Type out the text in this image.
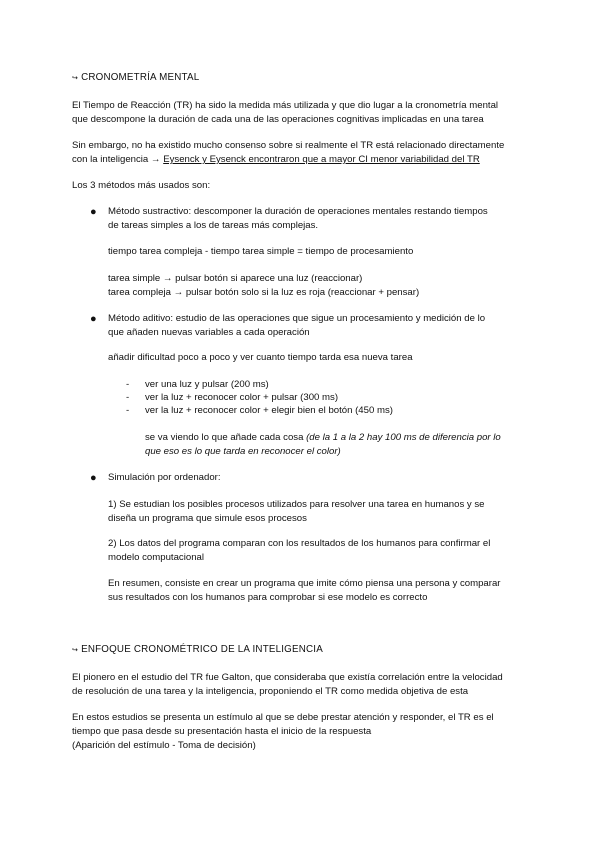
↪ CRONOMETRÍA MENTAL
El Tiempo de Reacción (TR) ha sido la medida más utilizada y que dio lugar a la cronometría mental
que descompone la duración de cada una de las operaciones cognitivas implicadas en una tarea
Sin embargo, no ha existido mucho consenso sobre si realmente el TR está relacionado directamente
con la inteligencia → Eysenck y Eysenck encontraron que a mayor CI menor variabilidad del TR
Los 3 métodos más usados son:
● Método sustractivo: descomponer la duración de operaciones mentales restando tiempos
de tareas simples a los de tareas más complejas.
tiempo tarea compleja - tiempo tarea simple = tiempo de procesamiento
tarea simple → pulsar botón si aparece una luz (reaccionar)
tarea compleja → pulsar botón solo si la luz es roja (reaccionar + pensar)
● Método aditivo: estudio de las operaciones que sigue un procesamiento y medición de lo
que añaden nuevas variables a cada operación
añadir dificultad poco a poco y ver cuanto tiempo tarda esa nueva tarea
- ver una luz y pulsar (200 ms)
- ver la luz + reconocer color + pulsar (300 ms)
- ver la luz + reconocer color + elegir bien el botón (450 ms)
se va viendo lo que añade cada cosa (de la 1 a la 2 hay 100 ms de diferencia por lo
que eso es lo que tarda en reconocer el color)
● Simulación por ordenador:
1) Se estudian los posibles procesos utilizados para resolver una tarea en humanos y se
diseña un programa que simule esos procesos
2) Los datos del programa comparan con los resultados de los humanos para confirmar el
modelo computacional
En resumen, consiste en crear un programa que imite cómo piensa una persona y comparar
sus resultados con los humanos para comprobar si ese modelo es correcto
↪ ENFOQUE CRONOMÉTRICO DE LA INTELIGENCIA
El pionero en el estudio del TR fue Galton, que consideraba que existía correlación entre la velocidad
de resolución de una tarea y la inteligencia, proponiendo el TR como medida objetiva de esta
En estos estudios se presenta un estímulo al que se debe prestar atención y responder, el TR es el
tiempo que pasa desde su presentación hasta el inicio de la respuesta
(Aparición del estímulo - Toma de decisión)
